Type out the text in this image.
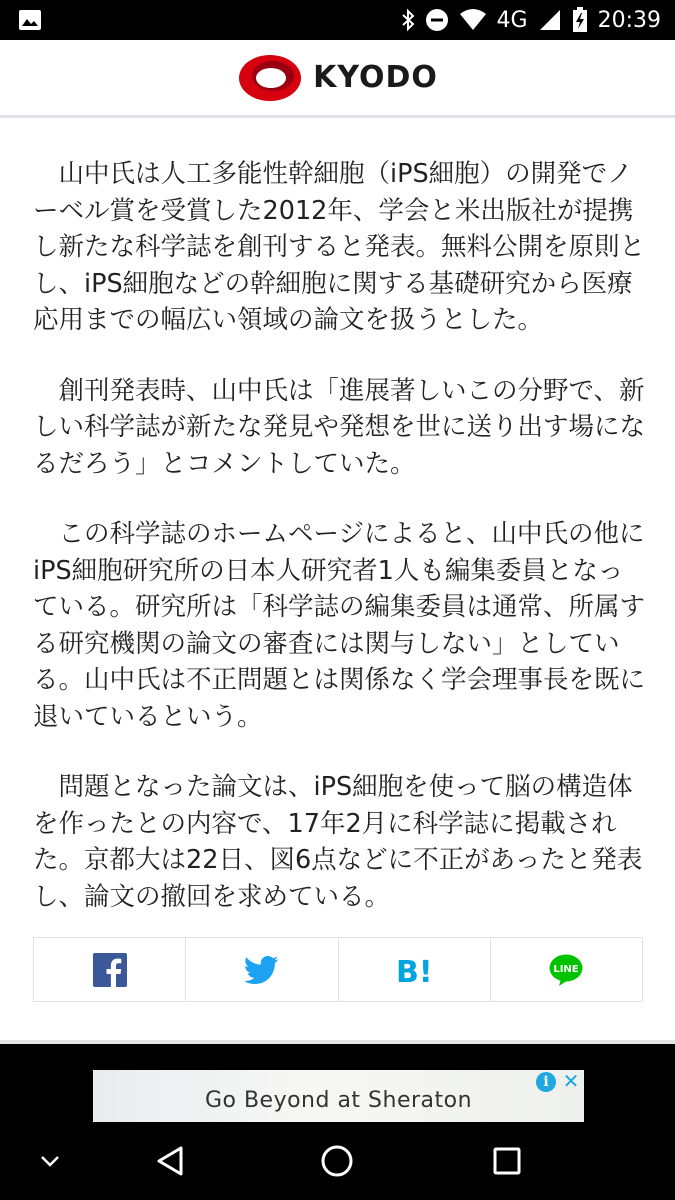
4G	20:39
KYODO

山中氏は人工多能性幹細胞（iPS細胞）の開発でノーベル賞を受賞した2012年、学会と米出版社が提携し新たな科学誌を創刊すると発表。無料公開を原則とし、iPS細胞などの幹細胞に関する基礎研究から医療応用までの幅広い領域の論文を扱うとした。

創刊発表時、山中氏は「進展著しいこの分野で、新しい科学誌が新たな発見や発想を世に送り出す場になるだろう」とコメントしていた。

この科学誌のホームページによると、山中氏の他にiPS細胞研究所の日本人研究者1人も編集委員となっている。研究所は「科学誌の編集委員は通常、所属する研究機関の論文の審査には関与しない」としている。山中氏は不正問題とは関係なく学会理事長を既に退いているという。

問題となった論文は、iPS細胞を使って脳の構造体を作ったとの内容で、17年2月に科学誌に掲載された。京都大は22日、図6点などに不正があったと発表し、論文の撤回を求めている。

B!	LINE
Go Beyond at Sheraton
i ✕
